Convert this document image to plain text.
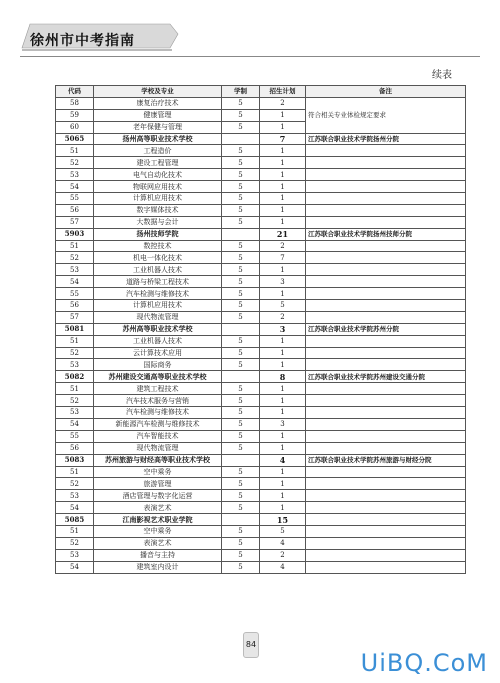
徐州市中考指南
续表
代码	学校及专业	学制	招生计划	备注
58	康复治疗技术	5	2	符合相关专业体检规定要求
59	健康管理	5	1	
60	老年保健与管理	5	1	
5065	扬州高等职业技术学校		7	江苏联合职业技术学院扬州分院
51	工程造价	5	1	
52	建设工程管理	5	1	
53	电气自动化技术	5	1	
54	物联网应用技术	5	1	
55	计算机应用技术	5	1	
56	数字媒体技术	5	1	
57	大数据与会计	5	1	
5903	扬州技师学院		21	江苏联合职业技术学院扬州技师分院
51	数控技术	5	2	
52	机电一体化技术	5	7	
53	工业机器人技术	5	1	
54	道路与桥梁工程技术	5	3	
55	汽车检测与维修技术	5	1	
56	计算机应用技术	5	5	
57	现代物流管理	5	2	
5081	苏州高等职业技术学校		3	江苏联合职业技术学院苏州分院
51	工业机器人技术	5	1	
52	云计算技术应用	5	1	
53	国际商务	5	1	
5082	苏州建设交通高等职业技术学校		8	江苏联合职业技术学院苏州建设交通分院
51	建筑工程技术	5	1	
52	汽车技术服务与营销	5	1	
53	汽车检测与维修技术	5	1	
54	新能源汽车检测与维修技术	5	3	
55	汽车智能技术	5	1	
56	现代物流管理	5	1	
5083	苏州旅游与财经高等职业技术学校		4	江苏联合职业技术学院苏州旅游与财经分院
51	空中乘务	5	1	
52	旅游管理	5	1	
53	酒店管理与数字化运营	5	1	
54	表演艺术	5	1	
5085	江南影视艺术职业学院		15	
51	空中乘务	5	5	
52	表演艺术	5	4	
53	播音与主持	5	2	
54	建筑室内设计	5	4	
84
UiBQ.CoM
